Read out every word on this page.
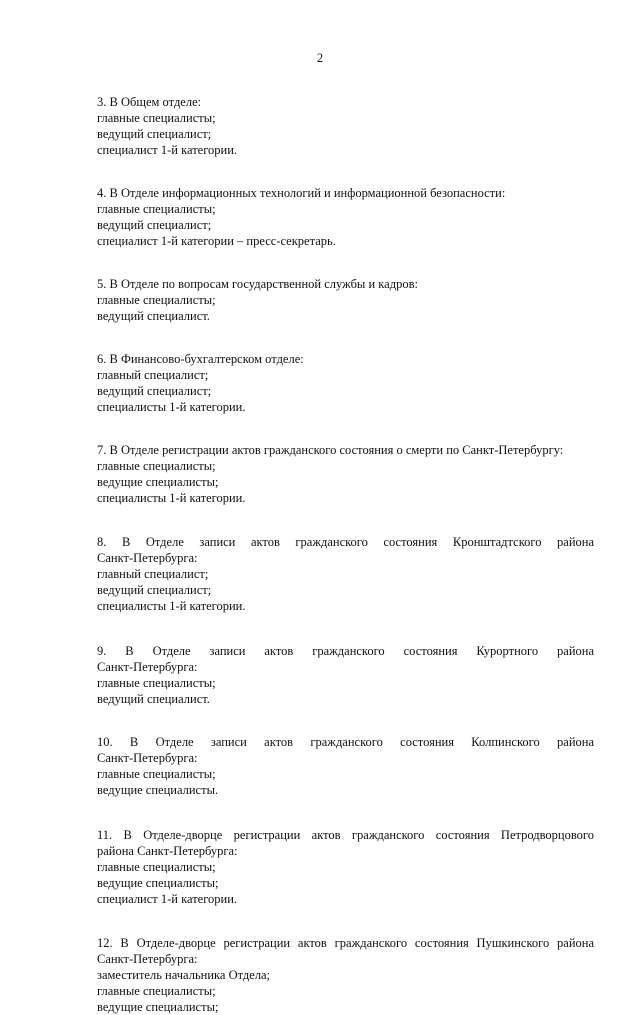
2
3. В Общем отделе:
главные специалисты;
ведущий специалист;
специалист 1-й категории.
4. В Отделе информационных технологий и информационной безопасности:
главные специалисты;
ведущий специалист;
специалист 1-й категории – пресс-секретарь.
5. В Отделе по вопросам государственной службы и кадров:
главные специалисты;
ведущий специалист.
6. В Финансово-бухгалтерском отделе:
главный специалист;
ведущий специалист;
специалисты 1-й категории.
7. В Отделе регистрации актов гражданского состояния о смерти по Санкт-Петербургу:
главные специалисты;
ведущие специалисты;
специалисты 1-й категории.
8. В Отделе записи актов гражданского состояния Кронштадтского района
Санкт-Петербурга:
главный специалист;
ведущий специалист;
специалисты 1-й категории.
9. В Отделе записи актов гражданского состояния Курортного района
Санкт-Петербурга:
главные специалисты;
ведущий специалист.
10. В Отделе записи актов гражданского состояния Колпинского района
Санкт-Петербурга:
главные специалисты;
ведущие специалисты.
11. В Отделе-дворце регистрации актов гражданского состояния Петродворцового
района Санкт-Петербурга:
главные специалисты;
ведущие специалисты;
специалист 1-й категории.
12. В Отделе-дворце регистрации актов гражданского состояния Пушкинского района
Санкт-Петербурга:
заместитель начальника Отдела;
главные специалисты;
ведущие специалисты;
